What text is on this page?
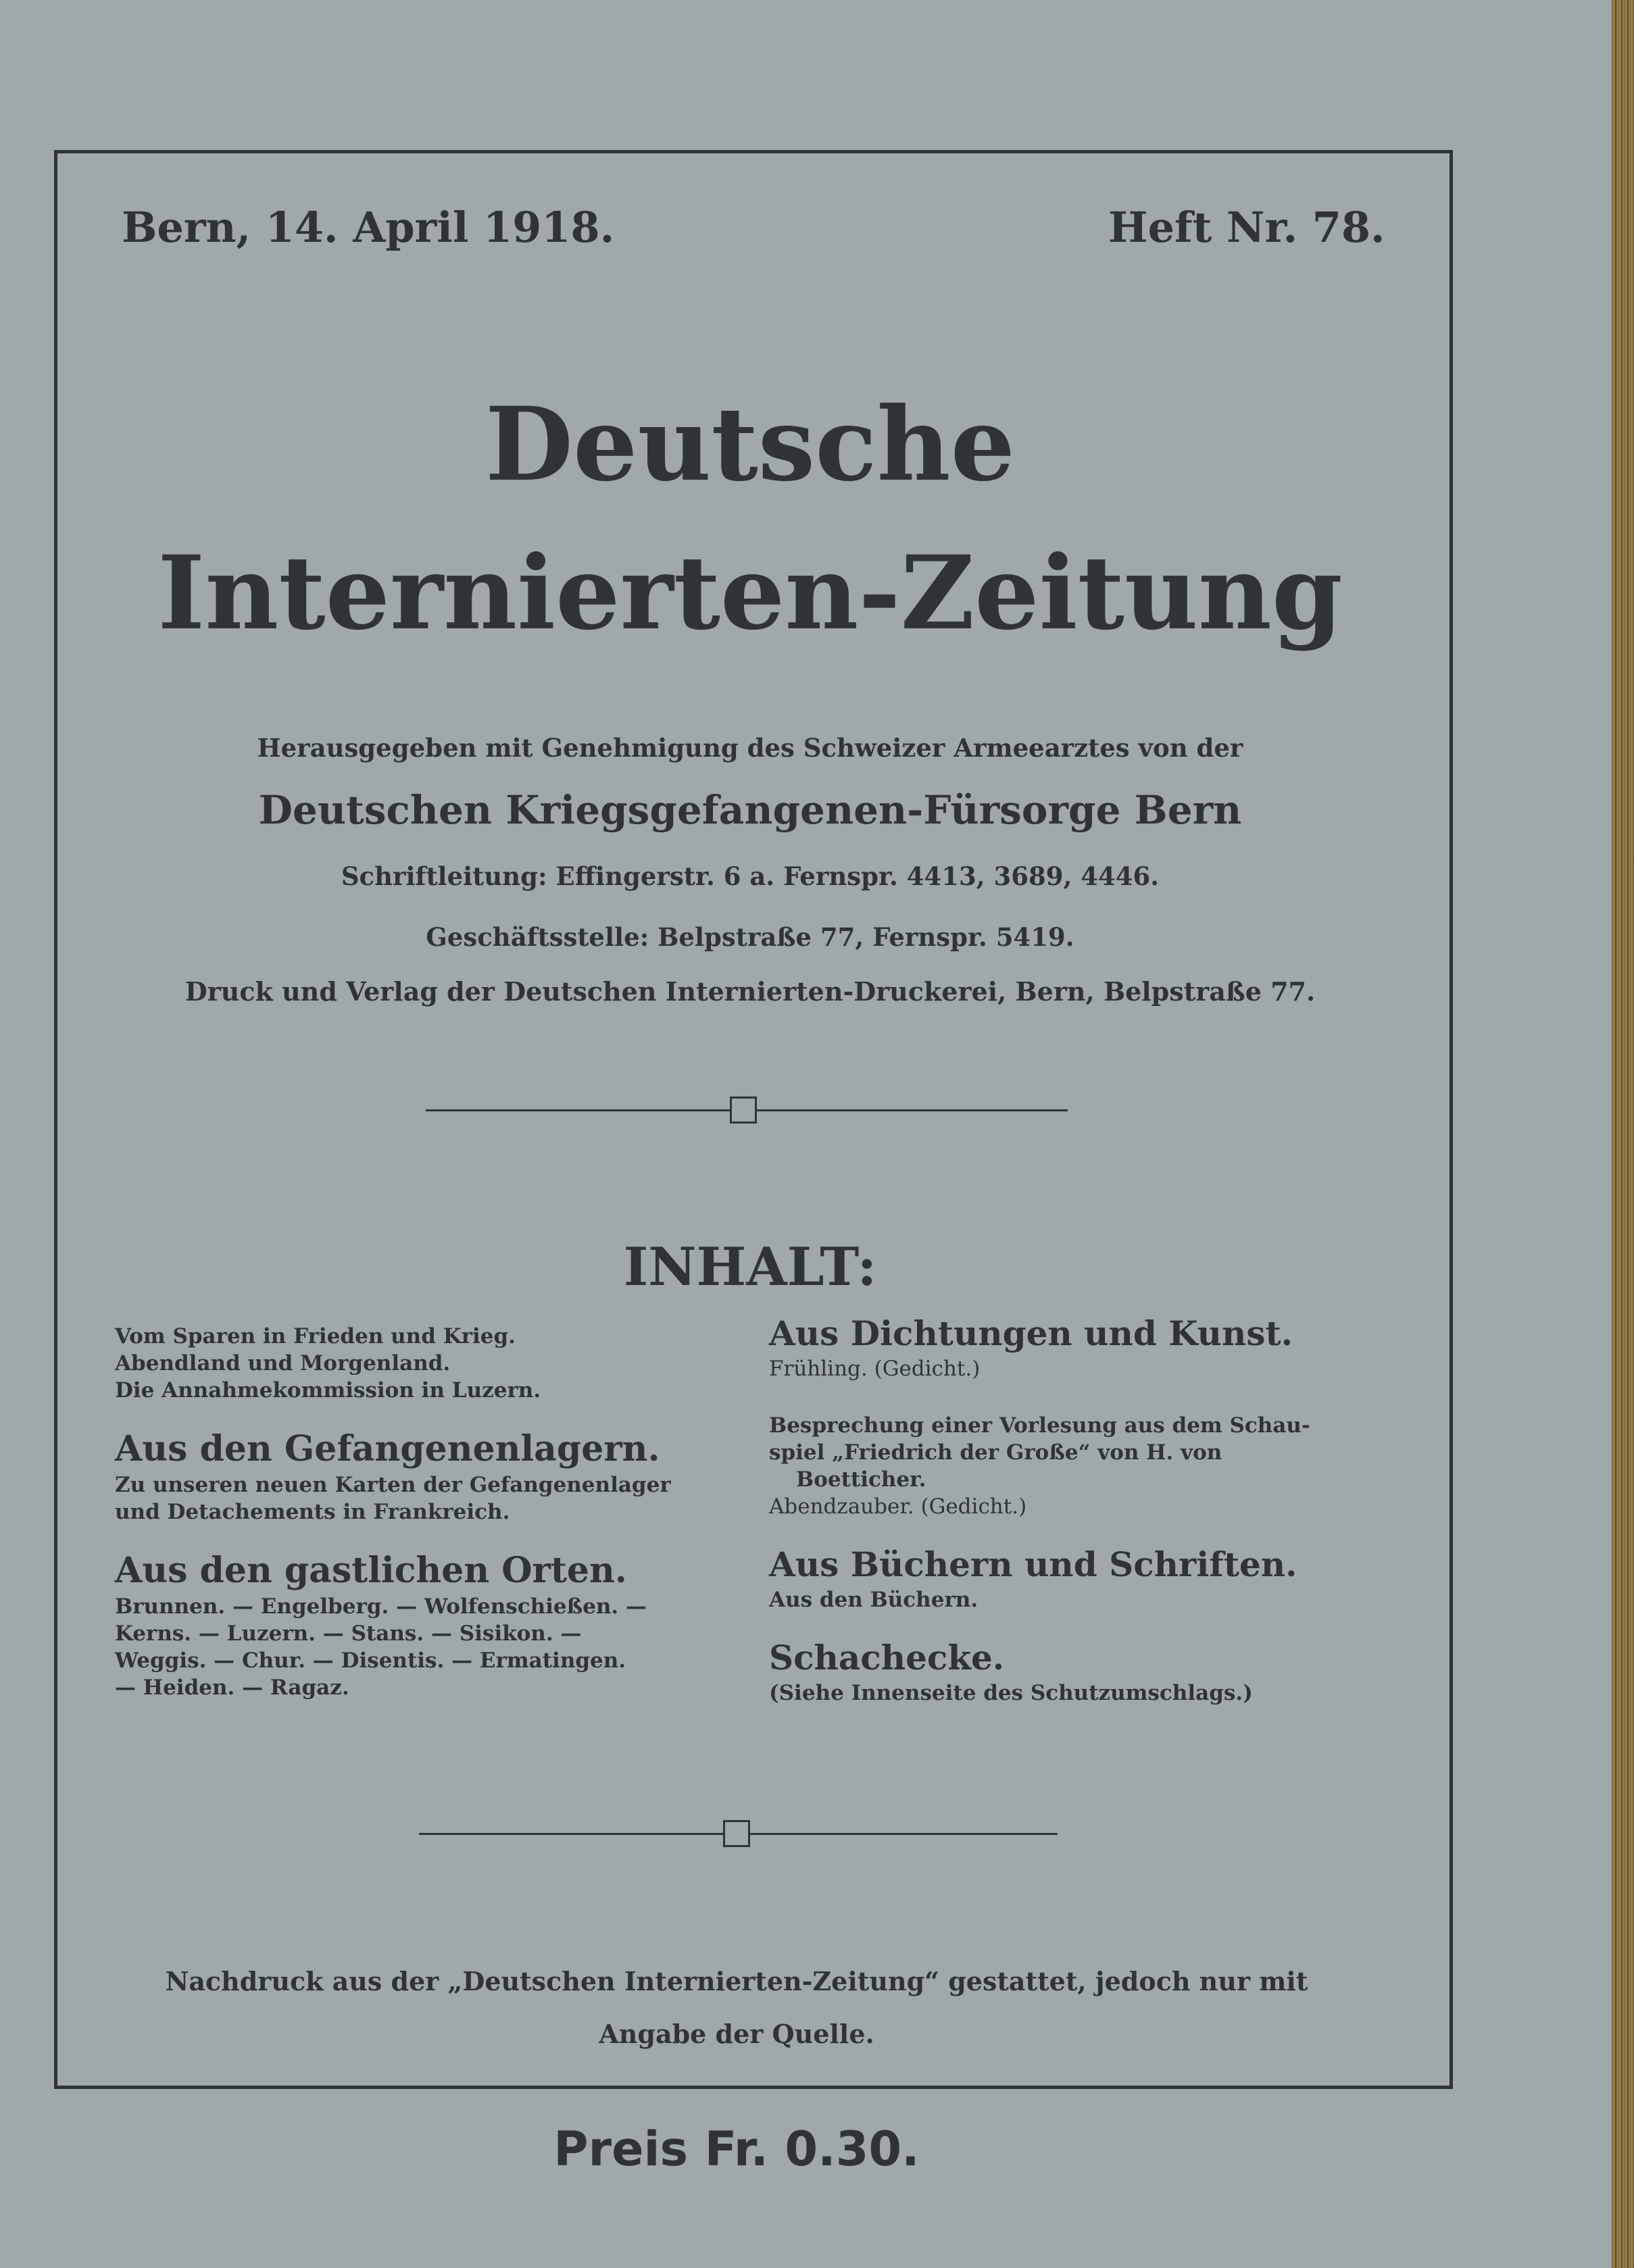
Bern, 14. April 1918.	Heft Nr. 78.
Deutsche
Internierten-Zeitung
Herausgegeben mit Genehmigung des Schweizer Armeearztes von der
Deutschen Kriegsgefangenen-Fürsorge Bern
Schriftleitung: Effingerstr. 6 a. Fernspr. 4413, 3689, 4446.
Geschäftsstelle: Belpstraße 77, Fernspr. 5419.
Druck und Verlag der Deutschen Internierten-Druckerei, Bern, Belpstraße 77.
INHALT:
Vom Sparen in Frieden und Krieg.
Abendland und Morgenland.
Die Annahmekommission in Luzern.
Aus den Gefangenenlagern.
Zu unseren neuen Karten der Gefangenenlager
und Detachements in Frankreich.
Aus den gastlichen Orten.
Brunnen. — Engelberg. — Wolfenschießen. —
Kerns. — Luzern. — Stans. — Sisikon. —
Weggis. — Chur. — Disentis. — Ermatingen.
— Heiden. — Ragaz.
Aus Dichtungen und Kunst.
Frühling. (Gedicht.)
Besprechung einer Vorlesung aus dem Schau-
spiel „Friedrich der Große“ von H. von
Boetticher.
Abendzauber. (Gedicht.)
Aus Büchern und Schriften.
Aus den Büchern.
Schachecke.
(Siehe Innenseite des Schutzumschlags.)
Nachdruck aus der „Deutschen Internierten-Zeitung“ gestattet, jedoch nur mit
Angabe der Quelle.
Preis Fr. 0.30.
